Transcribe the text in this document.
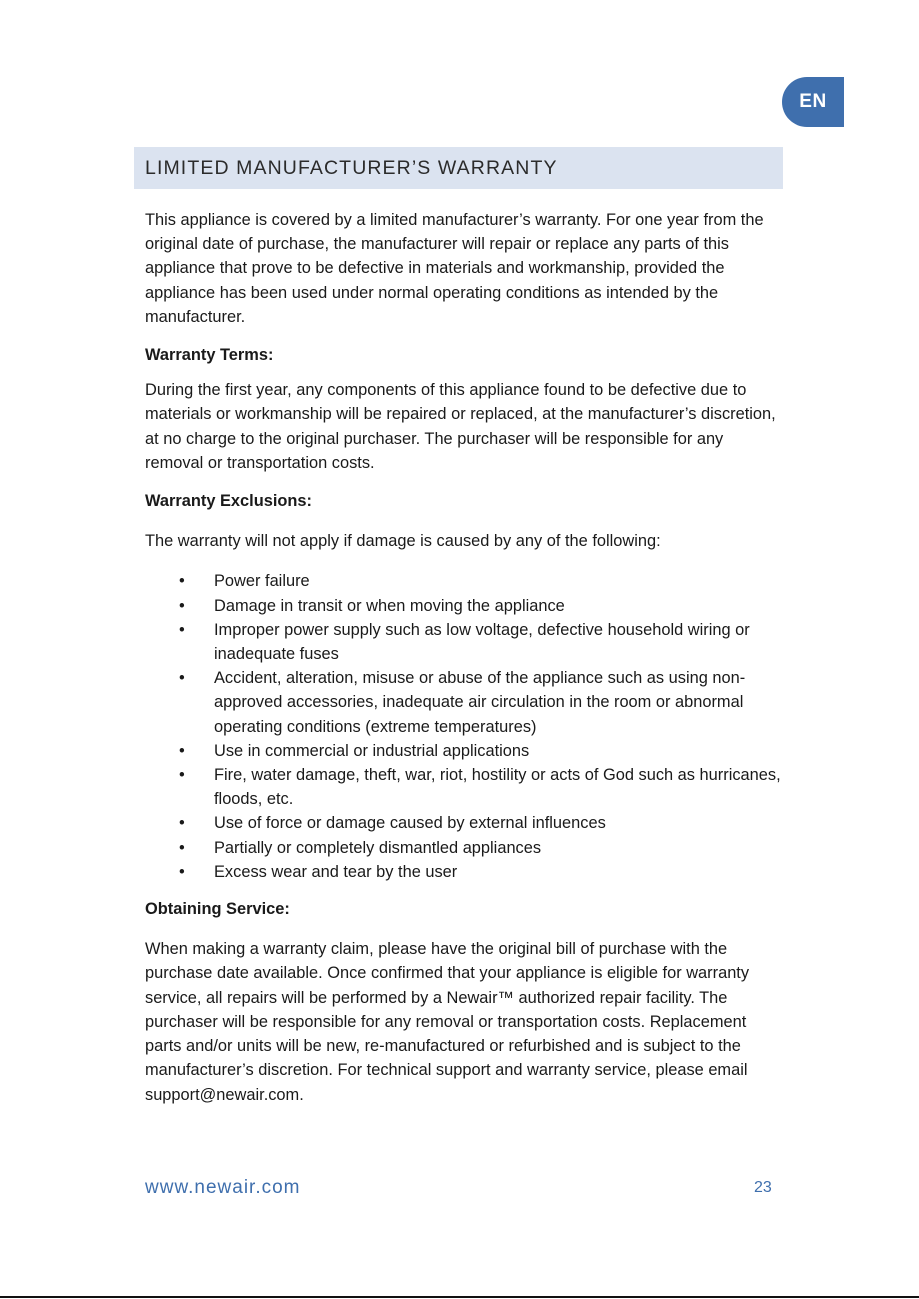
EN
LIMITED MANUFACTURER’S WARRANTY

This appliance is covered by a limited manufacturer’s warranty. For one year from the original date of purchase, the manufacturer will repair or replace any parts of this appliance that prove to be defective in materials and workmanship, provided the appliance has been used under normal operating conditions as intended by the manufacturer.

Warranty Terms:

During the first year, any components of this appliance found to be defective due to materials or workmanship will be repaired or replaced, at the manufacturer’s discretion, at no charge to the original purchaser. The purchaser will be responsible for any removal or transportation costs.

Warranty Exclusions:

The warranty will not apply if damage is caused by any of the following:

• Power failure
• Damage in transit or when moving the appliance
• Improper power supply such as low voltage, defective household wiring or inadequate fuses
• Accident, alteration, misuse or abuse of the appliance such as using non-approved accessories, inadequate air circulation in the room or abnormal operating conditions (extreme temperatures)
• Use in commercial or industrial applications
• Fire, water damage, theft, war, riot, hostility or acts of God such as hurricanes, floods, etc.
• Use of force or damage caused by external influences
• Partially or completely dismantled appliances
• Excess wear and tear by the user

Obtaining Service:

When making a warranty claim, please have the original bill of purchase with the purchase date available. Once confirmed that your appliance is eligible for warranty service, all repairs will be performed by a Newair™ authorized repair facility. The purchaser will be responsible for any removal or transportation costs. Replacement parts and/or units will be new, re-manufactured or refurbished and is subject to the manufacturer’s discretion. For technical support and warranty service, please email support@newair.com.

www.newair.com	23
